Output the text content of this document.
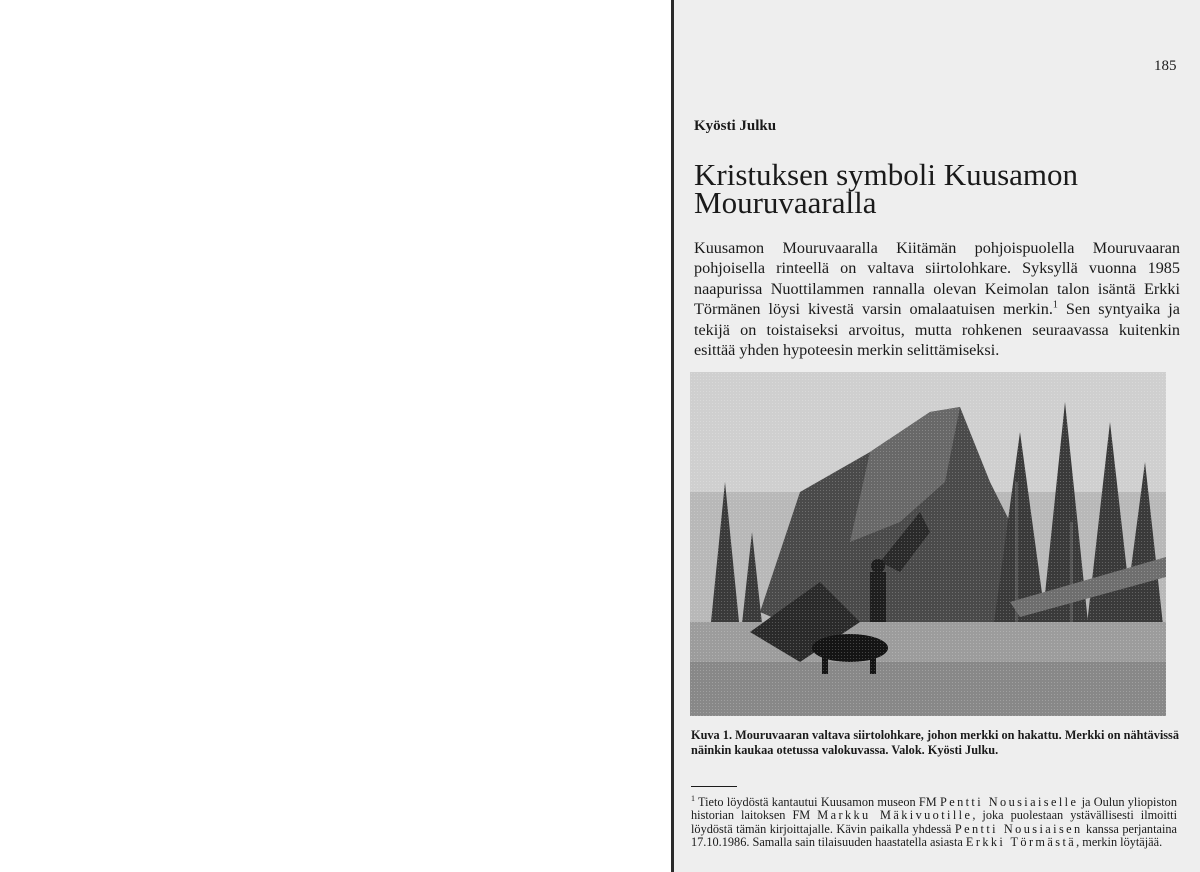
185
Kyösti Julku
Kristuksen symboli Kuusamon
Mouruvaaralla

Kuusamon Mouruvaaralla Kiitämän pohjoispuolella Mouruvaaran pohjoisella rinteellä on valtava siirtolohkare. Syksyllä vuonna 1985 naapurissa Nuottilammen rannalla olevan Keimolan talon isäntä Erkki Törmänen löysi kivestä varsin omalaatuisen merkin.$^1$ Sen syntyaika ja tekijä on toistaiseksi arvoitus, mutta rohkenen seuraavassa kuitenkin esittää yhden hypoteesin merkin selittämiseksi.

Kuva 1. Mouruvaaran valtava siirtolohkare, johon merkki on hakattu. Merkki on nähtävissä näinkin kaukaa otetussa valokuvassa. Valok. Kyösti Julku.

$^1$ Tieto löydöstä kantautui Kuusamon museon FM Pentti Nousiaiselle ja Oulun yliopiston historian laitoksen FM Markku Mäkivuotille, joka puolestaan ystävällisesti ilmoitti löydöstä tämän kirjoittajalle. Kävin paikalla yhdessä Pentti Nousiaisen kanssa perjantaina 17.10.1986. Samalla sain tilaisuuden haastatella asiasta Erkki Törmästä, merkin löytäjää.
